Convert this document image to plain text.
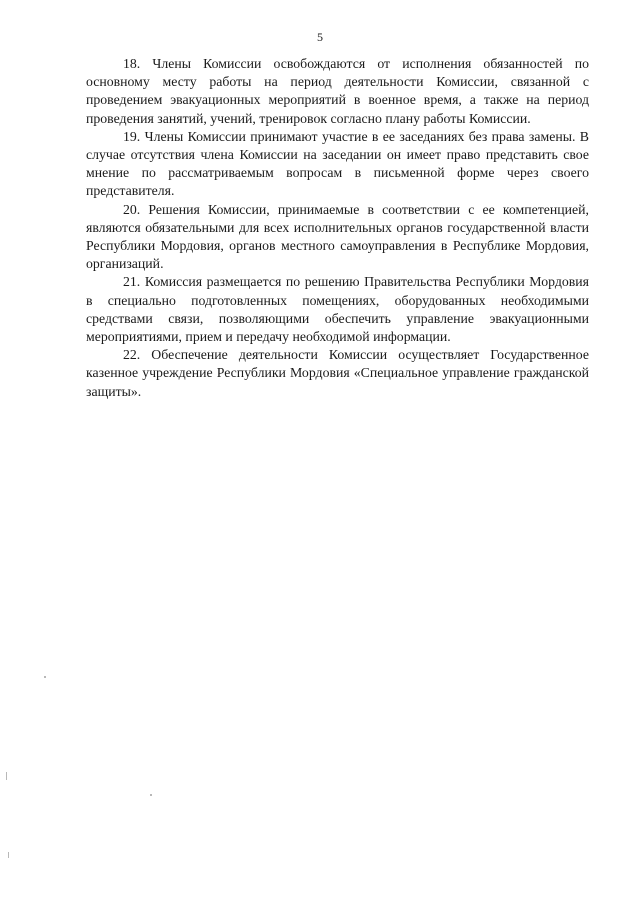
5

18. Члены Комиссии освобождаются от исполнения обязанностей по основному месту работы на период деятельности Комиссии, связанной с проведением эвакуационных мероприятий в военное время, а также на период проведения занятий, учений, тренировок согласно плану работы Комиссии.

19. Члены Комиссии принимают участие в ее заседаниях без права замены. В случае отсутствия члена Комиссии на заседании он имеет право представить свое мнение по рассматриваемым вопросам в письменной форме через своего представителя.

20. Решения Комиссии, принимаемые в соответствии с ее компетенцией, являются обязательными для всех исполнительных органов государственной власти Республики Мордовия, органов местного самоуправления в Республике Мордовия, организаций.

21. Комиссия размещается по решению Правительства Республики Мордовия в специально подготовленных помещениях, оборудованных необходимыми средствами связи, позволяющими обеспечить управление эвакуационными мероприятиями, прием и передачу необходимой информации.

22. Обеспечение деятельности Комиссии осуществляет Государственное казенное учреждение Республики Мордовия «Специальное управление гражданской защиты».
